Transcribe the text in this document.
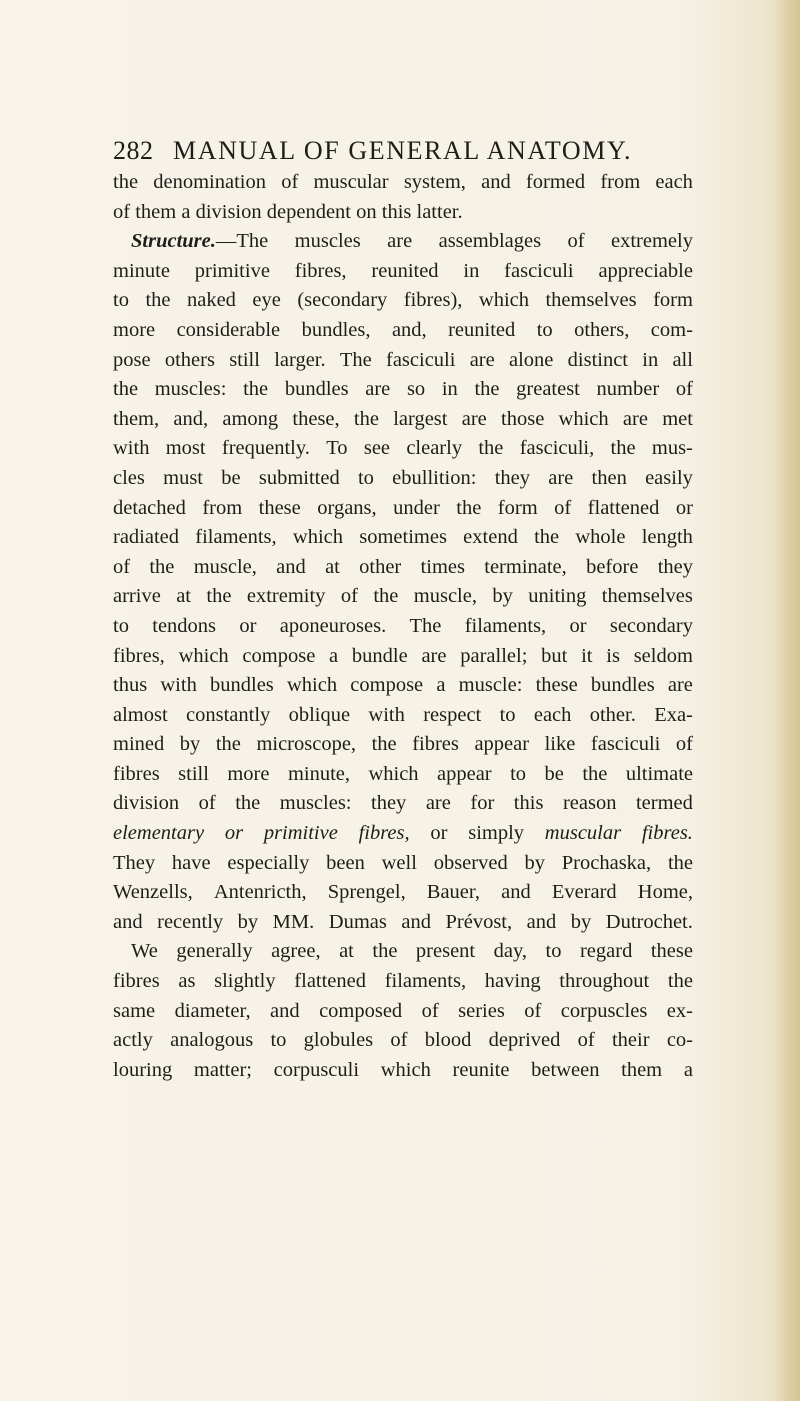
282 MANUAL OF GENERAL ANATOMY.
the denomination of muscular system, and formed from each
of
them
a
division
dependent
on
this
latter.
Structure.—The muscles are assemblages of extremely
minute primitive fibres, reunited in fasciculi appreciable
to the naked eye (secondary fibres), which themselves form
more considerable bundles, and, reunited to others, com-
pose others still larger. The fasciculi are alone distinct in all
the muscles: the bundles are so in the greatest number of
them, and, among these, the largest are those which are met
with most frequently. To see clearly the fasciculi, the mus-
cles must be submitted to ebullition: they are then easily
detached from these organs, under the form of flattened or
radiated filaments, which sometimes extend the whole length
of the muscle, and at other times terminate, before they
arrive at the extremity of the muscle, by uniting themselves
to tendons or aponeuroses. The filaments, or secondary
fibres, which compose a bundle are parallel; but it is seldom
thus with bundles which compose a muscle: these bundles are
almost constantly oblique with respect to each other. Exa-
mined by the microscope, the fibres appear like fasciculi of
fibres still more minute, which appear to be the ultimate
division of the muscles: they are for this reason termed
elementary or primitive fibres, or simply muscular fibres.
They have especially been well observed by Prochaska, the
Wenzells, Antenricth, Sprengel, Bauer, and Everard Home,
and recently by MM. Dumas and Prévost, and by Dutrochet.
We generally agree, at the present day, to regard these
fibres as slightly flattened filaments, having throughout the
same diameter, and composed of series of corpuscles ex-
actly analogous to globules of blood deprived of their co-
louring matter; corpusculi which reunite between them a
